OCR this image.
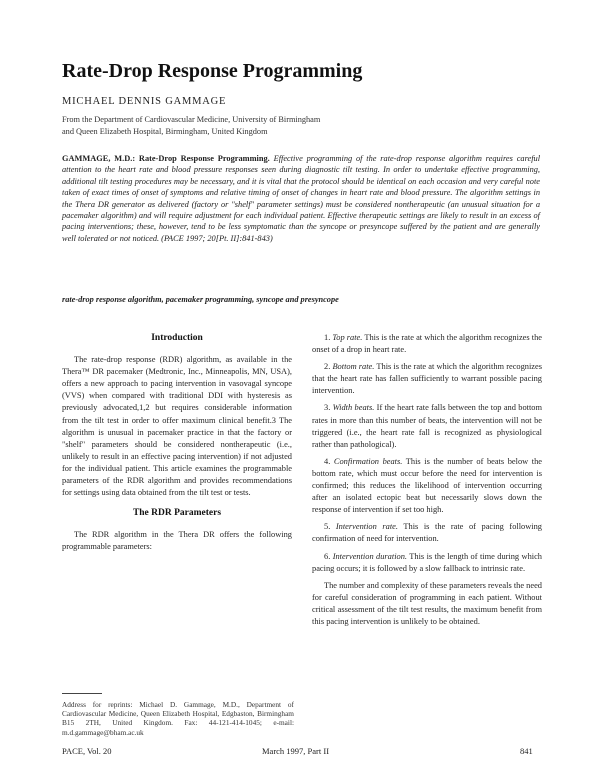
Rate-Drop Response Programming
MICHAEL DENNIS GAMMAGE
From the Department of Cardiovascular Medicine, University of Birmingham
and Queen Elizabeth Hospital, Birmingham, United Kingdom
GAMMAGE, M.D.: Rate-Drop Response Programming. Effective programming of the rate-drop response algorithm requires careful attention to the heart rate and blood pressure responses seen during diagnostic tilt testing. In order to undertake effective programming, additional tilt testing procedures may be necessary, and it is vital that the protocol should be identical on each occasion and very careful note taken of exact times of onset of symptoms and relative timing of onset of changes in heart rate and blood pressure. The algorithm settings in the Thera DR generator as delivered (factory or "shelf" parameter settings) must be considered nontherapeutic (an unusual situation for a pacemaker algorithm) and will require adjustment for each individual patient. Effective therapeutic settings are likely to result in an excess of pacing interventions; these, however, tend to be less symptomatic than the syncope or presyncope suffered by the patient and are generally well tolerated or not noticed. (PACE 1997; 20[Pt. II]:841-843)
rate-drop response algorithm, pacemaker programming, syncope and presyncope

Introduction

The rate-drop response (RDR) algorithm, as available in the Thera™ DR pacemaker (Medtronic, Inc., Minneapolis, MN, USA), offers a new approach to pacing intervention in vasovagal syncope (VVS) when compared with traditional DDI with hysteresis as previously advocated,1,2 but requires considerable information from the tilt test in order to offer maximum clinical benefit.3 The algorithm is unusual in pacemaker practice in that the factory or "shelf" parameters should be considered nontherapeutic (i.e., unlikely to result in an effective pacing intervention) if not adjusted for the individual patient. This article examines the programmable parameters of the RDR algorithm and provides recommendations for settings using data obtained from the tilt test or tests.

The RDR Parameters

The RDR algorithm in the Thera DR offers the following programmable parameters:

1. Top rate. This is the rate at which the algorithm recognizes the onset of a drop in heart rate.
2. Bottom rate. This is the rate at which the algorithm recognizes that the heart rate has fallen sufficiently to warrant possible pacing intervention.
3. Width beats. If the heart rate falls between the top and bottom rates in more than this number of beats, the intervention will not be triggered (i.e., the heart rate fall is recognized as physiological rather than pathological).
4. Confirmation beats. This is the number of beats below the bottom rate, which must occur before the need for intervention is confirmed; this reduces the likelihood of intervention occurring after an isolated ectopic beat but necessarily slows down the response of intervention if set too high.
5. Intervention rate. This is the rate of pacing following confirmation of need for intervention.
6. Intervention duration. This is the length of time during which pacing occurs; it is followed by a slow fallback to intrinsic rate.

The number and complexity of these parameters reveals the need for careful consideration of programming in each patient. Without critical assessment of the tilt test results, the maximum benefit from this pacing intervention is unlikely to be obtained.

Address for reprints: Michael D. Gammage, M.D., Department of Cardiovascular Medicine, Queen Elizabeth Hospital, Edgbaston, Birmingham B15 2TH, United Kingdom. Fax: 44-121-414-1045; e-mail: m.d.gammage@bham.ac.uk
PACE, Vol. 20	March 1997, Part II	841
